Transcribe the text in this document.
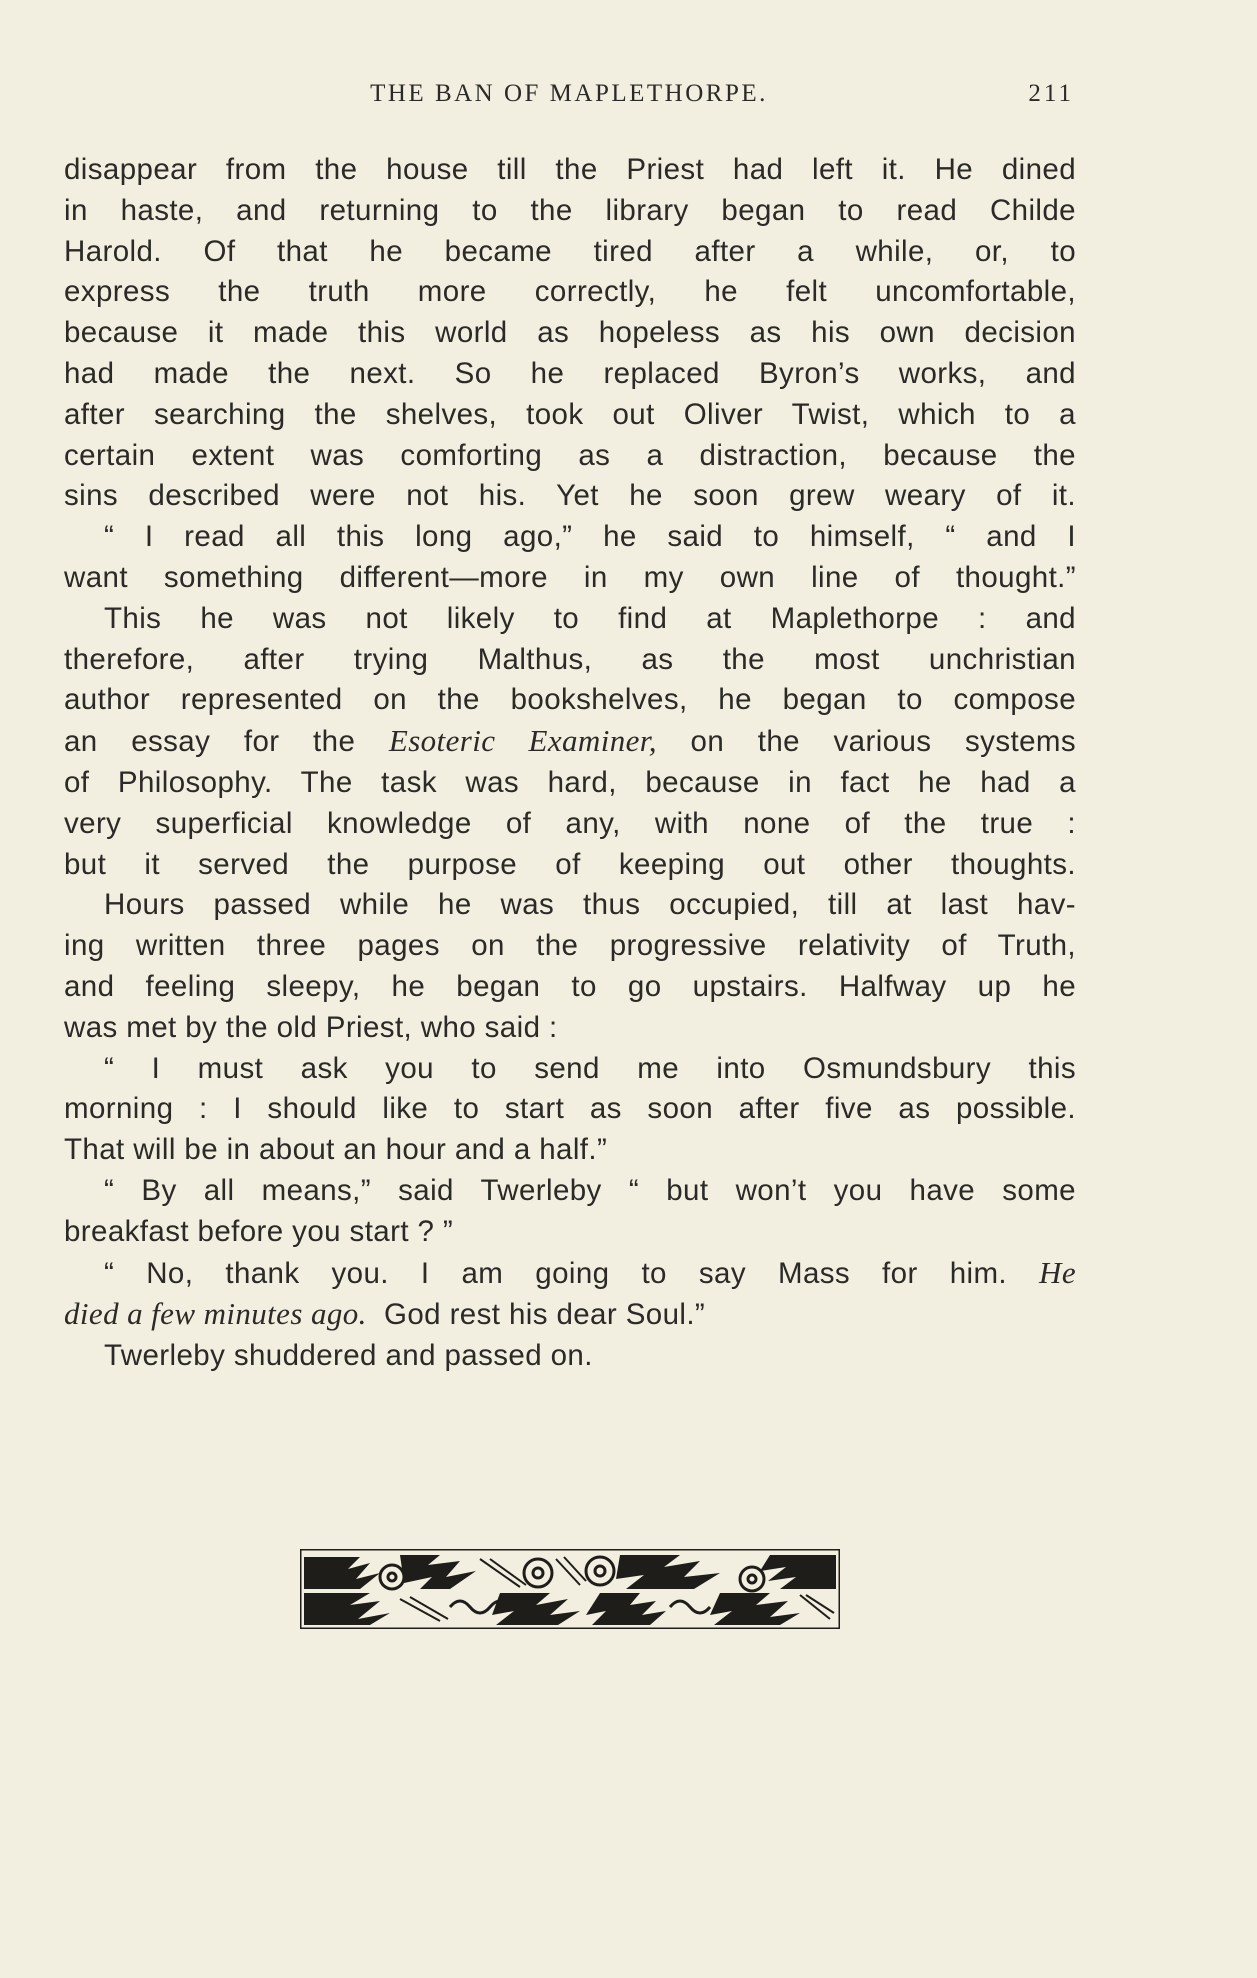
THE BAN OF MAPLETHORPE.	211
disappear from the house till the Priest had left it. He dined
in haste, and returning to the library began to read Childe
Harold. Of that he became tired after a while, or, to
express the truth more correctly, he felt uncomfortable,
because it made this world as hopeless as his own decision
had made the next. So he replaced Byron’s works, and
after searching the shelves, took out Oliver Twist, which to a
certain extent was comforting as a distraction, because the
sins described were not his. Yet he soon grew weary of it.
“ I read all this long ago,” he said to himself, “ and I
want something different—more in my own line of thought.”
This he was not likely to find at Maplethorpe : and
therefore, after trying Malthus, as the most unchristian
author represented on the bookshelves, he began to compose
an essay for the Esoteric Examiner, on the various systems
of Philosophy. The task was hard, because in fact he had a
very superficial knowledge of any, with none of the true :
but it served the purpose of keeping out other thoughts.
Hours passed while he was thus occupied, till at last hav-
ing written three pages on the progressive relativity of Truth,
and feeling sleepy, he began to go upstairs. Halfway up he
was met by the old Priest, who said :
“ I must ask you to send me into Osmundsbury this
morning : I should like to start as soon after five as possible.
That will be in about an hour and a half.”
“ By all means,” said Twerleby “ but won’t you have some
breakfast before you start ? ”
“ No, thank you. I am going to say Mass for him. He
died a few minutes ago. God rest his dear Soul.”
Twerleby shuddered and passed on.
